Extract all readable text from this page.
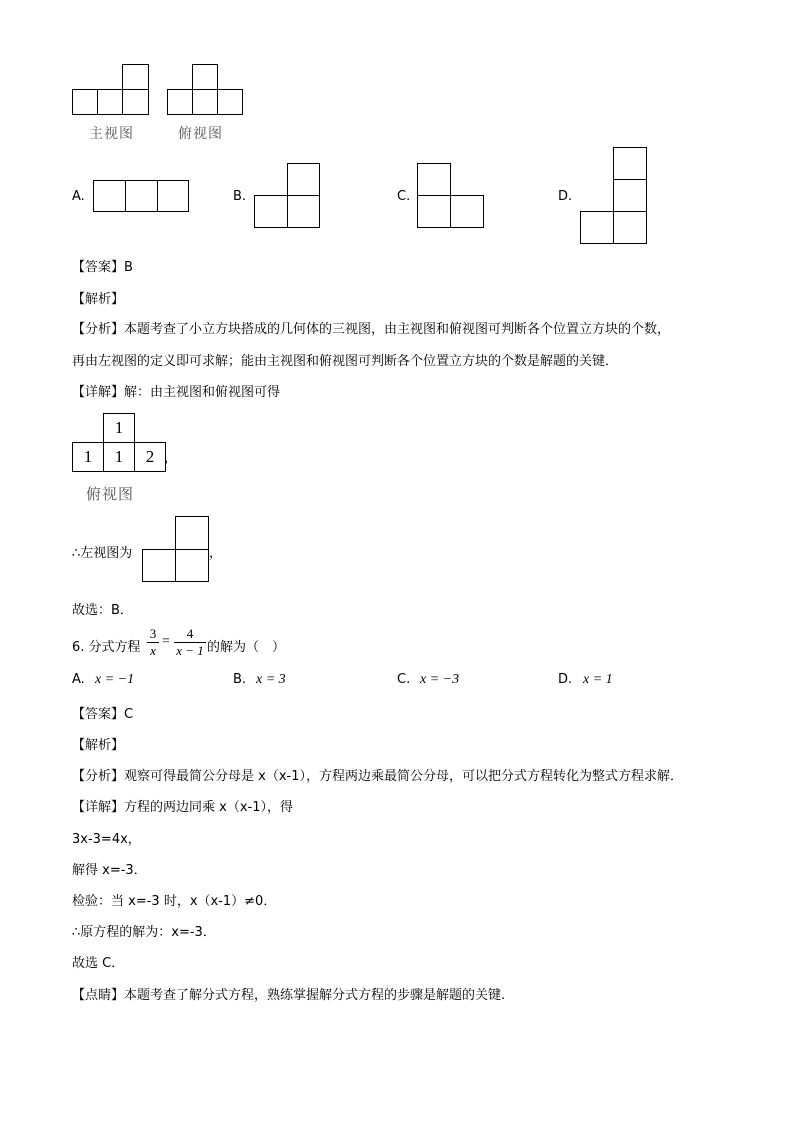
主视图	俯视图
A.	B.	C.	D.
【答案】B
【解析】
【分析】本题考查了小立方块搭成的几何体的三视图，由主视图和俯视图可判断各个位置立方块的个数，
再由左视图的定义即可求解；能由主视图和俯视图可判断各个位置立方块的个数是解题的关键．
【详解】解：由主视图和俯视图可得
1
1	1	2 ，
俯视图
∴左视图为	，
故选：B．
6. 分式方程
3
x
=
4
x − 1 的解为（　）
A. x = −1	B. x = 3	C. x = −3	D. x = 1
【答案】C
【解析】
【分析】观察可得最简公分母是 x（x-1），方程两边乘最简公分母，可以把分式方程转化为整式方程求解．
【详解】方程的两边同乘 x（x-1），得
3x-3=4x，
解得 x=-3．
检验：当 x=-3 时，x（x-1）≠0．
∴原方程的解为：x=-3．
故选 C．
【点睛】本题考查了解分式方程，熟练掌握解分式方程的步骤是解题的关键.
